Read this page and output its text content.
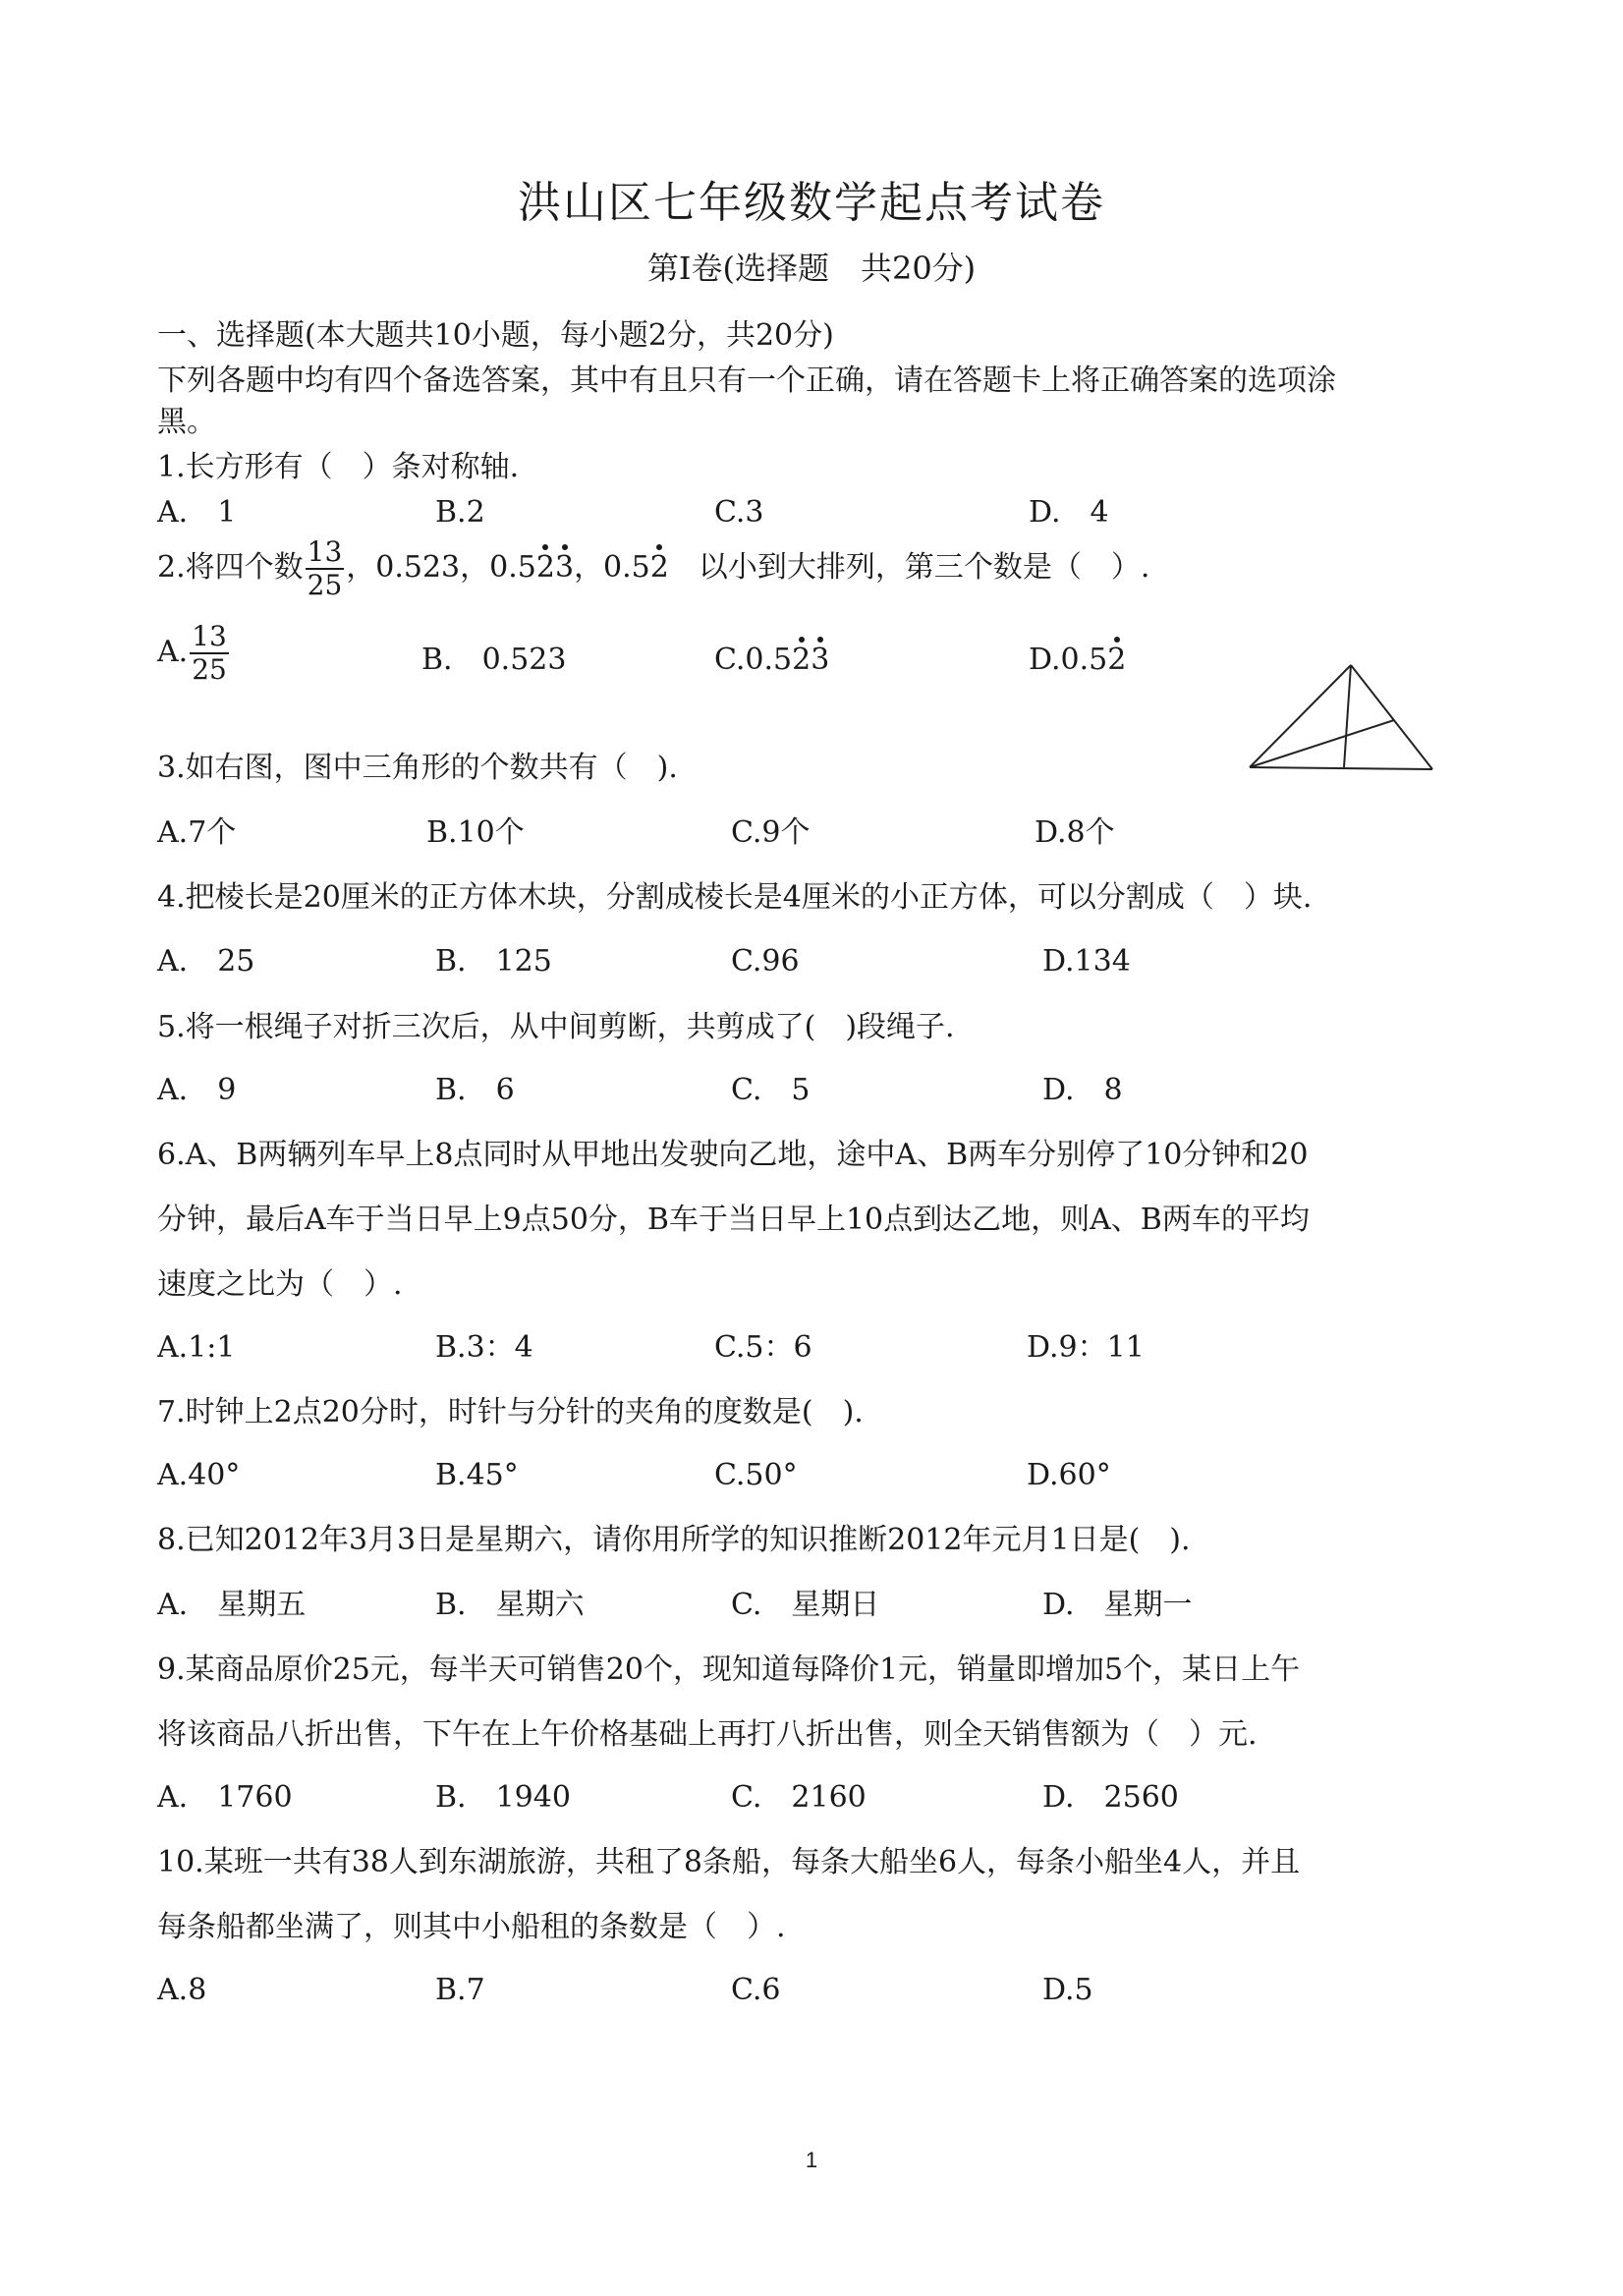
洪山区七年级数学起点考试卷
第Ⅰ卷(选择题　共20分)
一、选择题(本大题共10小题，每小题2分，共20分)
下列各题中均有四个备选答案，其中有且只有一个正确，请在答题卡上将正确答案的选项涂
黑。
1.长方形有（　）条对称轴.
A.　1	B.2	C.3	D.　4
2.将四个数 $\frac{13}{25}$ ，0.523，0.523，0.52　以小到大排列，第三个数是（　）.
A. $\frac{13}{25}$	B.　0.523	C.0.523	D.0.52
3.如右图，图中三角形的个数共有（　).
A.7个	B.10个	C.9个	D.8个
4.把棱长是20厘米的正方体木块，分割成棱长是4厘米的小正方体，可以分割成（　）块.
A.　25	B.　125	C.96	D.134
5.将一根绳子对折三次后，从中间剪断，共剪成了(　)段绳子.
A.　9	B.　6	C.　5	D.　8
6.A、B两辆列车早上8点同时从甲地出发驶向乙地，途中A、B两车分别停了10分钟和20
分钟，最后A车于当日早上9点50分，B车于当日早上10点到达乙地，则A、B两车的平均
速度之比为（　）.
A.1:1	B.3：4	C.5：6	D.9：11
7.时钟上2点20分时，时针与分针的夹角的度数是(　).
A.40°	B.45°	C.50°	D.60°
8.已知2012年3月3日是星期六，请你用所学的知识推断2012年元月1日是(　).
A.　星期五	B.　星期六	C.　星期日	D.　星期一
9.某商品原价25元，每半天可销售20个，现知道每降价1元，销量即增加5个，某日上午
将该商品八折出售，下午在上午价格基础上再打八折出售，则全天销售额为（　）元.
A.　1760	B.　1940	C.　2160	D.　2560
10.某班一共有38人到东湖旅游，共租了8条船，每条大船坐6人，每条小船坐4人，并且
每条船都坐满了，则其中小船租的条数是（　）.
A.8	B.7	C.6	D.5
1
